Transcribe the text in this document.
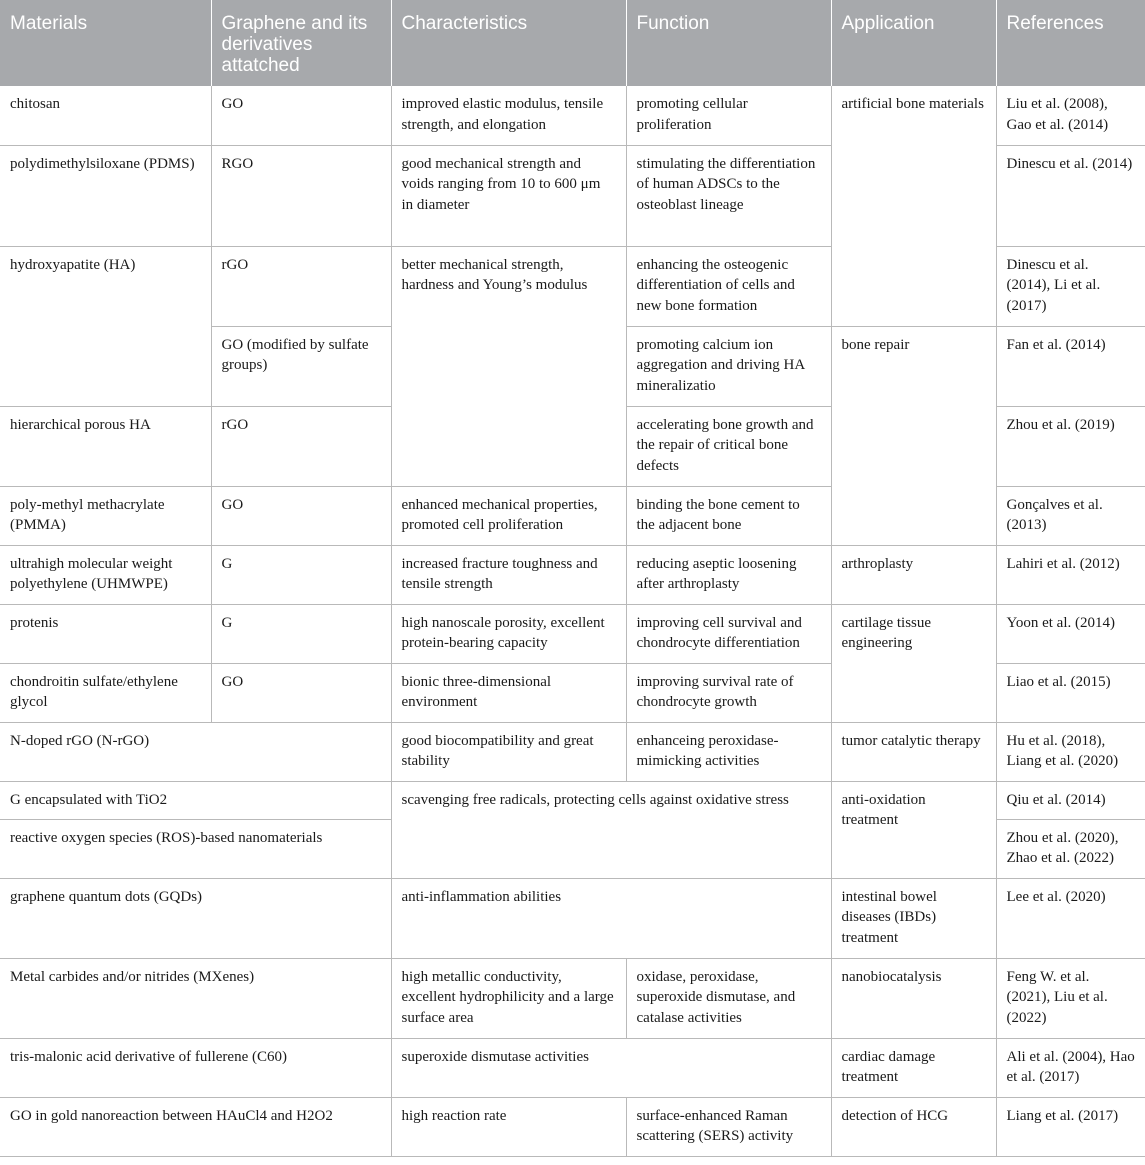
Materials	Graphene and its derivatives attatched	Characteristics	Function	Application	References
chitosan	GO	improved elastic modulus, tensile strength, and elongation	promoting cellular proliferation	artificial bone materials	Liu et al. (2008), Gao et al. (2014)
polydimethylsiloxane (PDMS)	RGO	good mechanical strength and voids ranging from 10 to 600 μm in diameter	stimulating the differentiation of human ADSCs to the osteoblast lineage		Dinescu et al. (2014)
hydroxyapatite (HA)	rGO	better mechanical strength, hardness and Young’s modulus	enhancing the osteogenic differentiation of cells and new bone formation		Dinescu et al. (2014), Li et al. (2017)
	GO (modified by sulfate groups)		promoting calcium ion aggregation and driving HA mineralizatio	bone repair	Fan et al. (2014)
hierarchical porous HA	rGO		accelerating bone growth and the repair of critical bone defects		Zhou et al. (2019)
poly-methyl methacrylate (PMMA)	GO	enhanced mechanical properties, promoted cell proliferation	binding the bone cement to the adjacent bone		Gonçalves et al. (2013)
ultrahigh molecular weight polyethylene (UHMWPE)	G	increased fracture toughness and tensile strength	reducing aseptic loosening after arthroplasty	arthroplasty	Lahiri et al. (2012)
protenis	G	high nanoscale porosity, excellent protein-bearing capacity	improving cell survival and chondrocyte differentiation	cartilage tissue engineering	Yoon et al. (2014)
chondroitin sulfate/ethylene glycol	GO	bionic three-dimensional environment	improving survival rate of chondrocyte growth		Liao et al. (2015)
N-doped rGO (N-rGO)		good biocompatibility and great stability	enhanceing peroxidase-mimicking activities	tumor catalytic therapy	Hu et al. (2018), Liang et al. (2020)
G encapsulated with TiO2		scavenging free radicals, protecting cells against oxidative stress		anti-oxidation treatment	Qiu et al. (2014)
reactive oxygen species (ROS)-based nanomaterials					Zhou et al. (2020), Zhao et al. (2022)
graphene quantum dots (GQDs)		anti-inflammation abilities		intestinal bowel diseases (IBDs) treatment	Lee et al. (2020)
Metal carbides and/or nitrides (MXenes)		high metallic conductivity, excellent hydrophilicity and a large surface area	oxidase, peroxidase, superoxide dismutase, and catalase activities	nanobiocatalysis	Feng W. et al. (2021), Liu et al. (2022)
tris-malonic acid derivative of fullerene (C60)		superoxide dismutase activities		cardiac damage treatment	Ali et al. (2004), Hao et al. (2017)
GO in gold nanoreaction between HAuCl4 and H2O2		high reaction rate	surface-enhanced Raman scattering (SERS) activity	detection of HCG	Liang et al. (2017)
